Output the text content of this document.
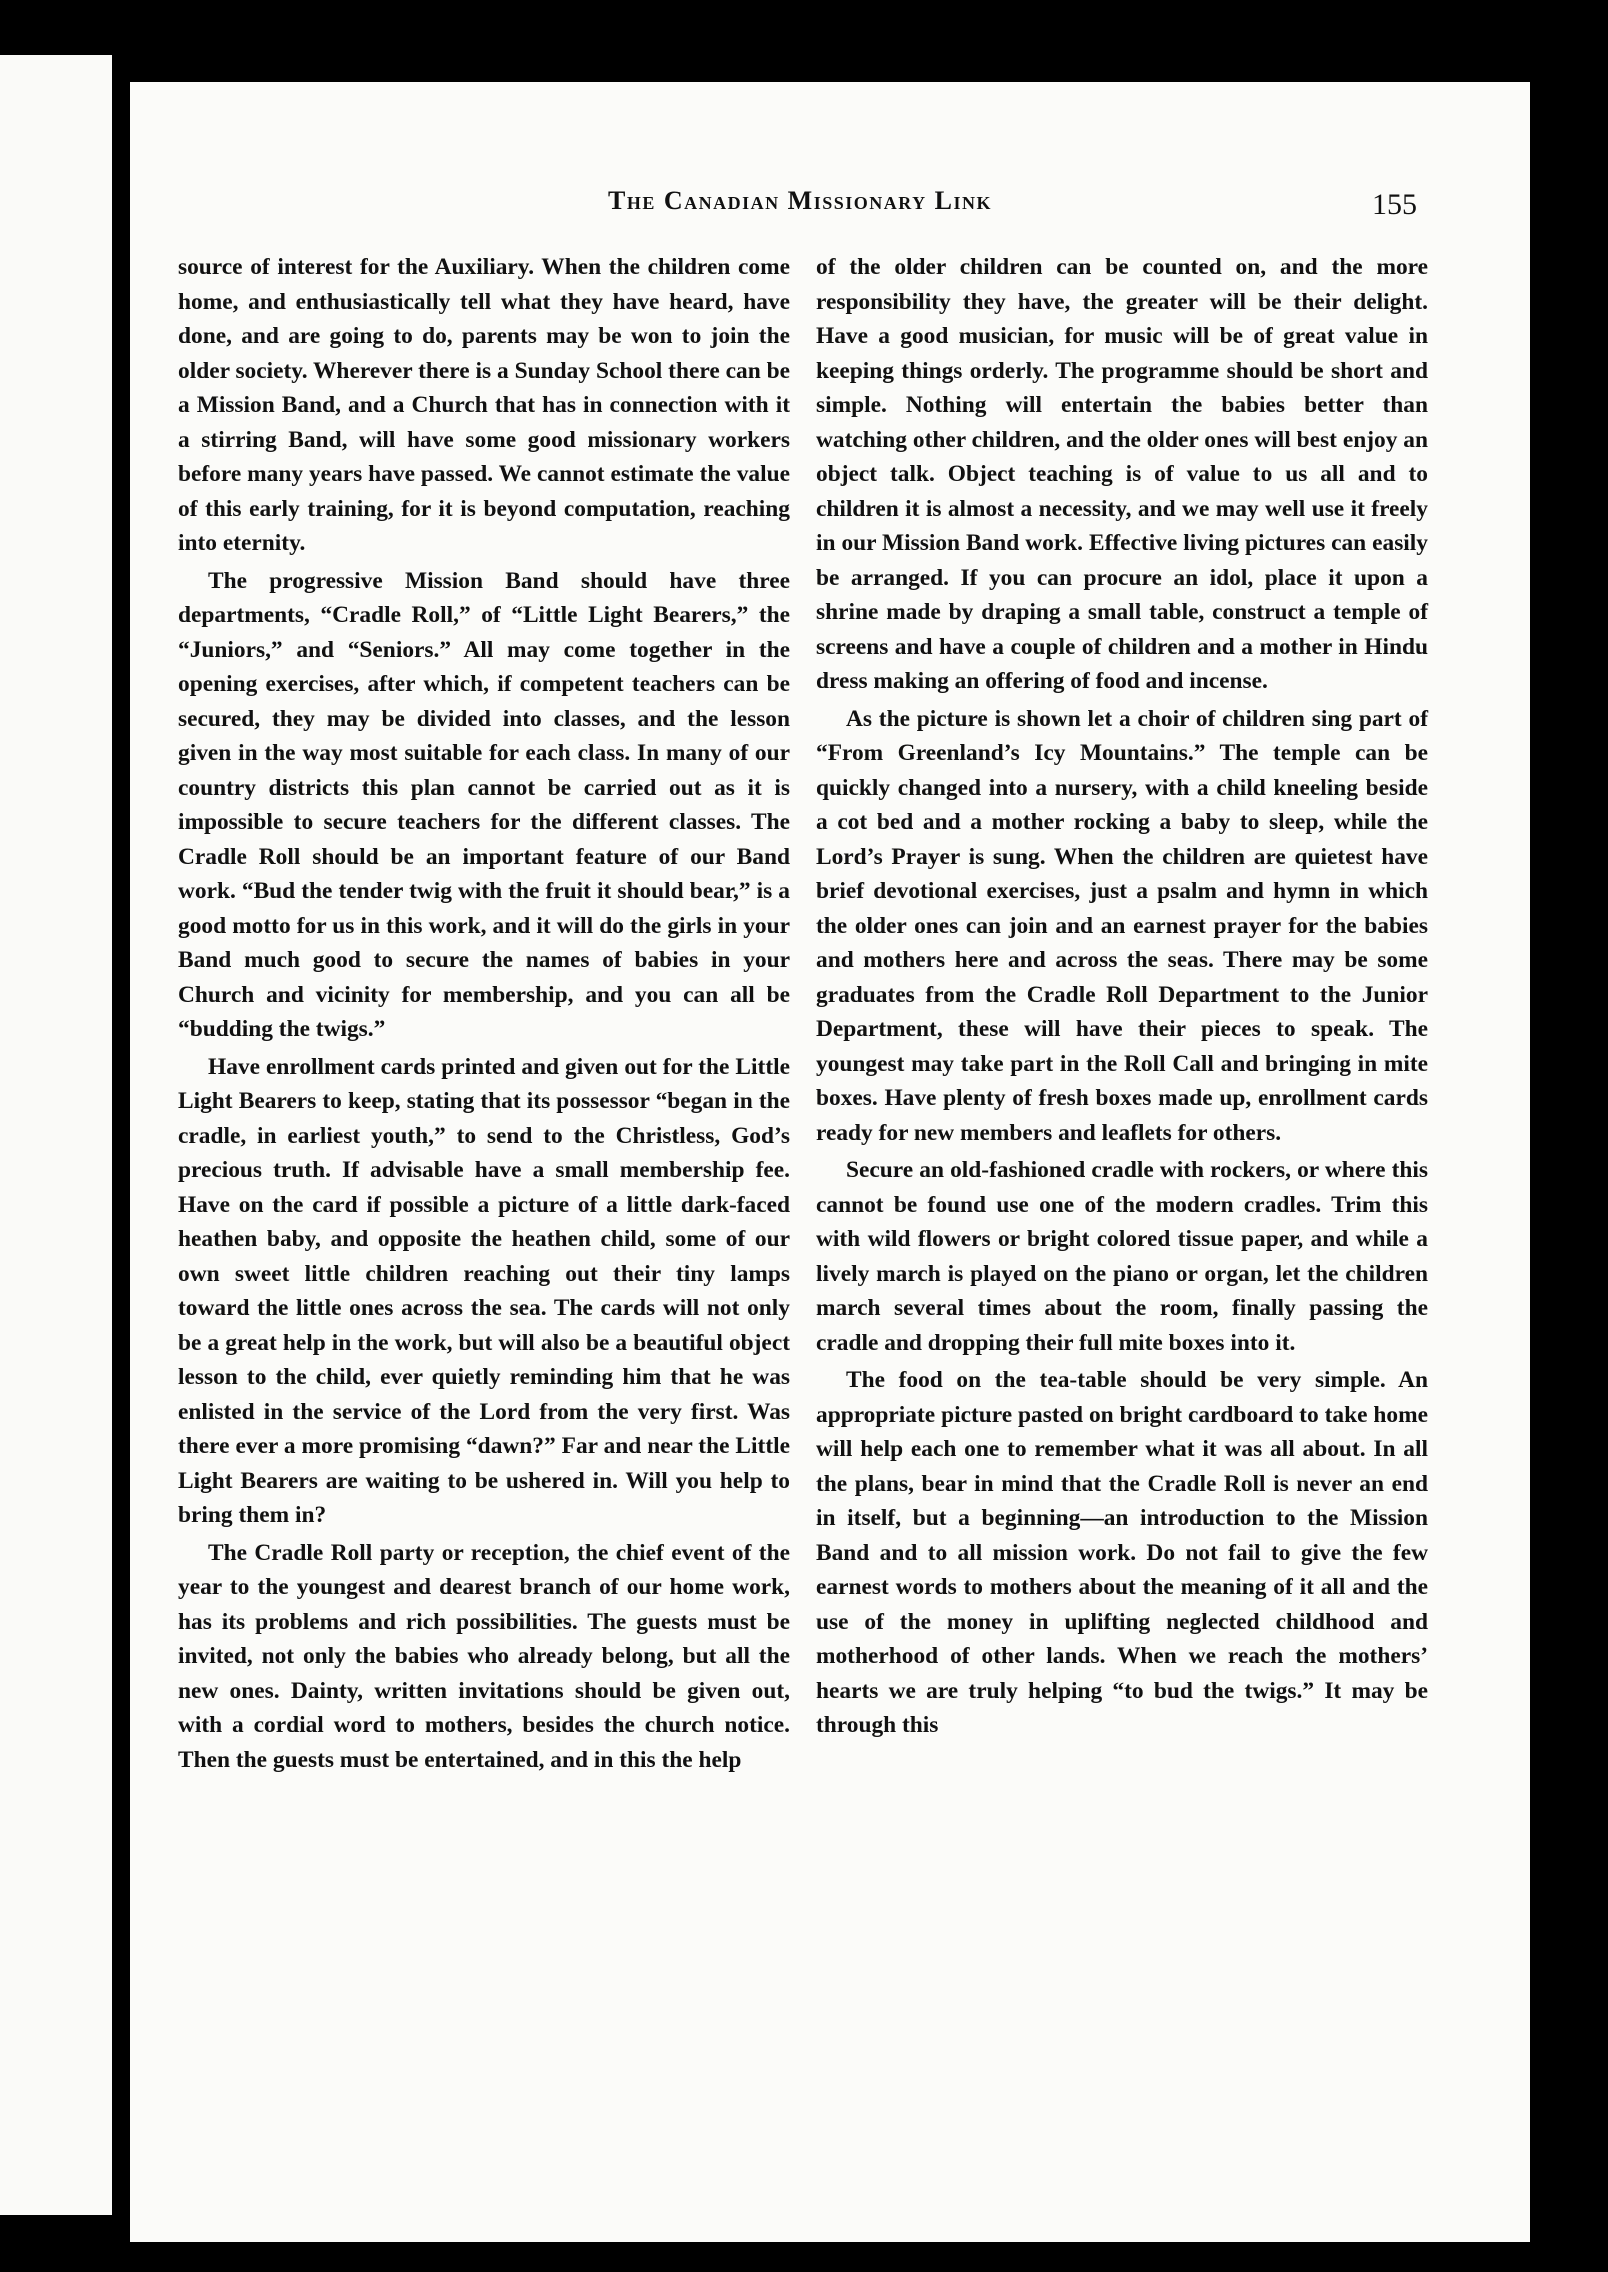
The Canadian Missionary Link	155

source of interest for the Auxiliary. When the children come home, and enthusiastically tell what they have heard, have done, and are going to do, parents may be won to join the older society. Wherever there is a Sunday School there can be a Mission Band, and a Church that has in connection with it a stirring Band, will have some good missionary workers before many years have passed. We cannot estimate the value of this early training, for it is beyond computation, reaching into eternity.

The progressive Mission Band should have three departments, “Cradle Roll,” of “Little Light Bearers,” the “Juniors,” and “Seniors.” All may come together in the opening exercises, after which, if competent teachers can be secured, they may be divided into classes, and the lesson given in the way most suitable for each class. In many of our country districts this plan cannot be carried out as it is impossible to secure teachers for the different classes. The Cradle Roll should be an important feature of our Band work. “Bud the tender twig with the fruit it should bear,” is a good motto for us in this work, and it will do the girls in your Band much good to secure the names of babies in your Church and vicinity for membership, and you can all be “budding the twigs.”

Have enrollment cards printed and given out for the Little Light Bearers to keep, stating that its possessor “began in the cradle, in earliest youth,” to send to the Christless, God’s precious truth. If advisable have a small membership fee. Have on the card if possible a picture of a little dark-faced heathen baby, and opposite the heathen child, some of our own sweet little children reaching out their tiny lamps toward the little ones across the sea. The cards will not only be a great help in the work, but will also be a beautiful object lesson to the child, ever quietly reminding him that he was enlisted in the service of the Lord from the very first. Was there ever a more promising “dawn?” Far and near the Little Light Bearers are waiting to be ushered in. Will you help to bring them in?

The Cradle Roll party or reception, the chief event of the year to the youngest and dearest branch of our home work, has its problems and rich possibilities. The guests must be invited, not only the babies who already belong, but all the new ones. Dainty, written invitations should be given out, with a cordial word to mothers, besides the church notice. Then the guests must be entertained, and in this the help

of the older children can be counted on, and the more responsibility they have, the greater will be their delight. Have a good musician, for music will be of great value in keeping things orderly. The programme should be short and simple. Nothing will entertain the babies better than watching other children, and the older ones will best enjoy an object talk. Object teaching is of value to us all and to children it is almost a necessity, and we may well use it freely in our Mission Band work. Effective living pictures can easily be arranged. If you can procure an idol, place it upon a shrine made by draping a small table, construct a temple of screens and have a couple of children and a mother in Hindu dress making an offering of food and incense.

As the picture is shown let a choir of children sing part of “From Greenland’s Icy Mountains.” The temple can be quickly changed into a nursery, with a child kneeling beside a cot bed and a mother rocking a baby to sleep, while the Lord’s Prayer is sung. When the children are quietest have brief devotional exercises, just a psalm and hymn in which the older ones can join and an earnest prayer for the babies and mothers here and across the seas. There may be some graduates from the Cradle Roll Department to the Junior Department, these will have their pieces to speak. The youngest may take part in the Roll Call and bringing in mite boxes. Have plenty of fresh boxes made up, enrollment cards ready for new members and leaflets for others.

Secure an old-fashioned cradle with rockers, or where this cannot be found use one of the modern cradles. Trim this with wild flowers or bright colored tissue paper, and while a lively march is played on the piano or organ, let the children march several times about the room, finally passing the cradle and dropping their full mite boxes into it.

The food on the tea-table should be very simple. An appropriate picture pasted on bright cardboard to take home will help each one to remember what it was all about. In all the plans, bear in mind that the Cradle Roll is never an end in itself, but a beginning—an introduction to the Mission Band and to all mission work. Do not fail to give the few earnest words to mothers about the meaning of it all and the use of the money in uplifting neglected childhood and motherhood of other lands. When we reach the mothers’ hearts we are truly helping “to bud the twigs.” It may be through this
